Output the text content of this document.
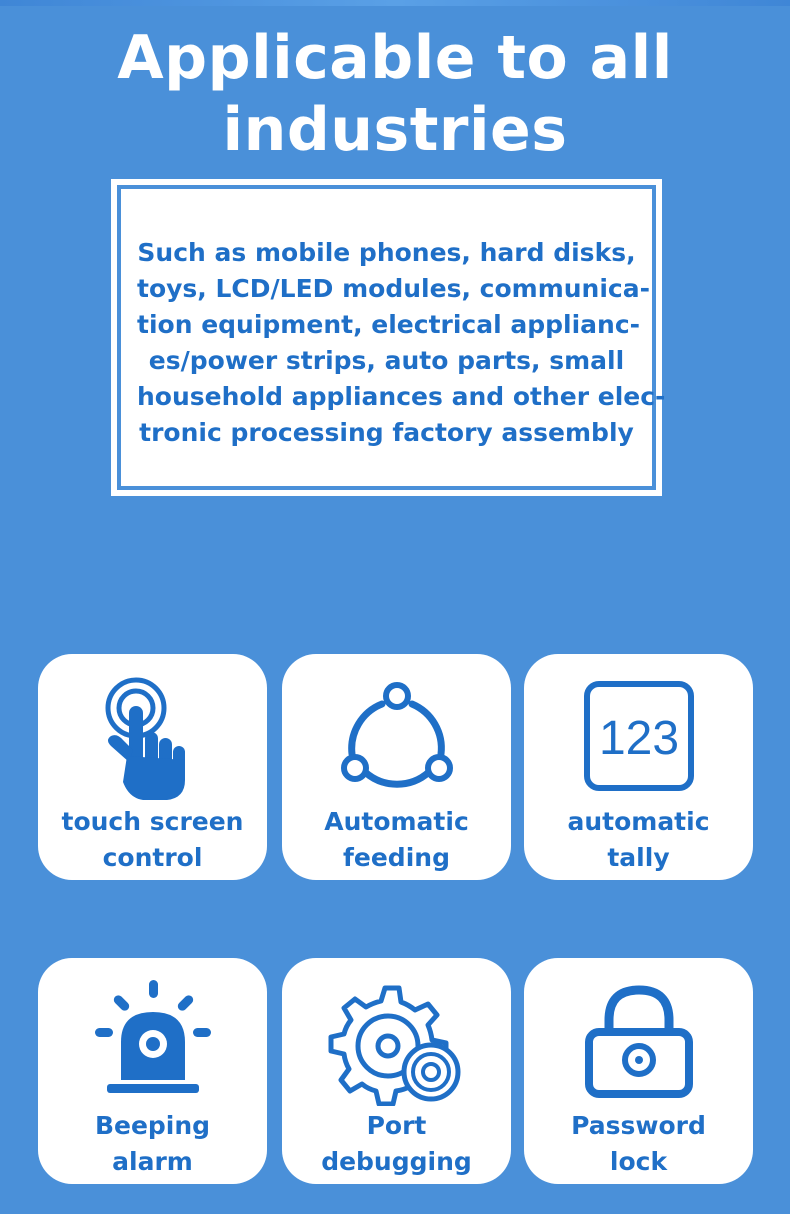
Applicable to all
industries
Such as mobile phones, hard disks,
toys, LCD/LED modules, communica-
tion equipment, electrical applianc-
es/power strips, auto parts, small
household appliances and other elec-
tronic processing factory assembly
touch screen
control
Automatic
feeding
123
automatic
tally
Beeping
alarm
Port
debugging
Password
lock
